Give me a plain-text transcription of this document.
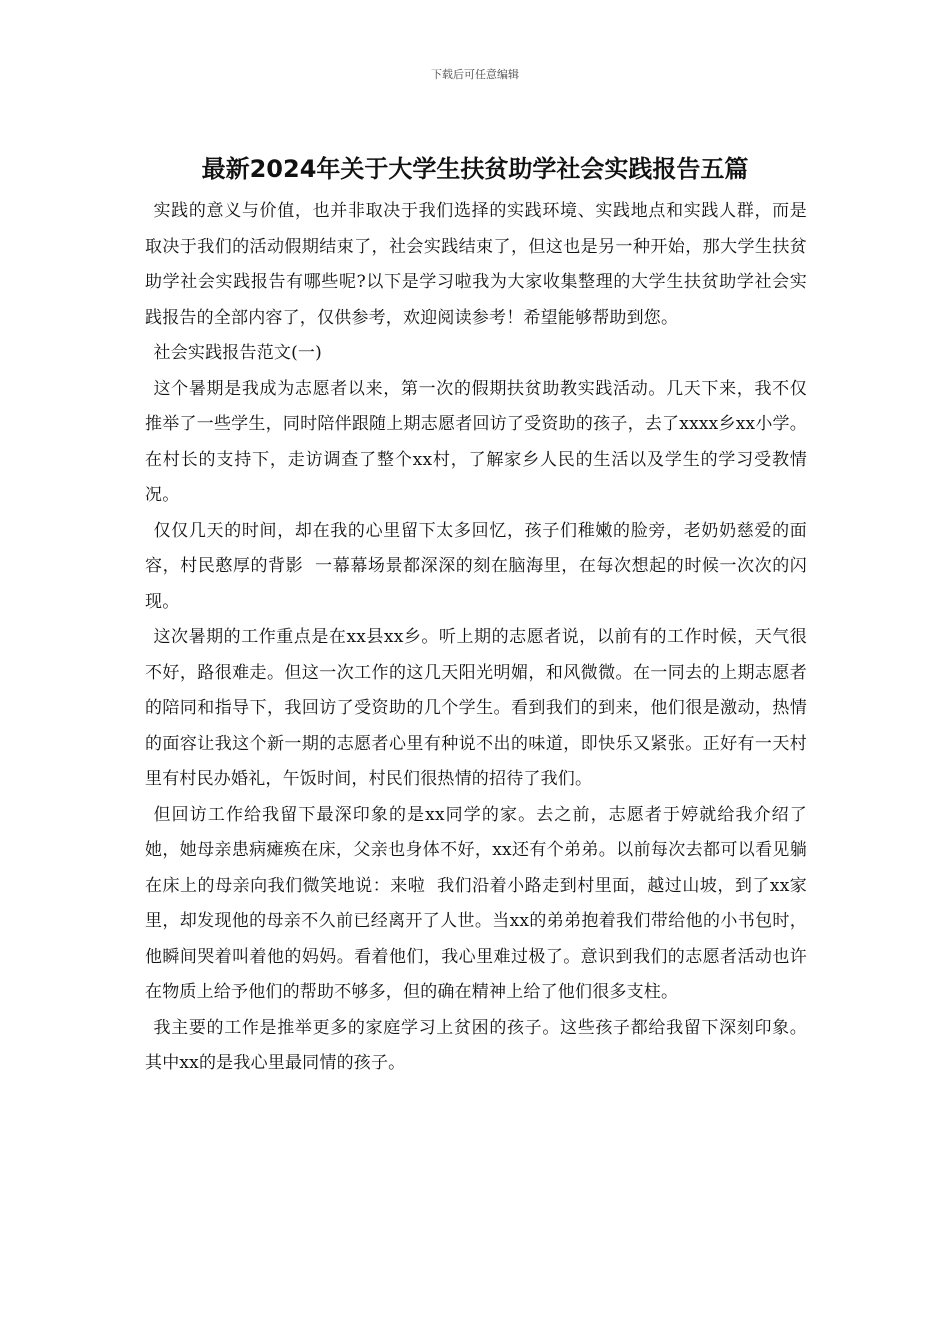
下载后可任意编辑
最新2024年关于大学生扶贫助学社会实践报告五篇

实践的意义与价值，也并非取决于我们选择的实践环境、实践地点和实践人群，而是取决于我们的活动假期结束了，社会实践结束了，但这也是另一种开始，那大学生扶贫助学社会实践报告有哪些呢?以下是学习啦我为大家收集整理的大学生扶贫助学社会实践报告的全部内容了，仅供参考，欢迎阅读参考！希望能够帮助到您。

社会实践报告范文(一)

这个暑期是我成为志愿者以来，第一次的假期扶贫助教实践活动。几天下来，我不仅推举了一些学生，同时陪伴跟随上期志愿者回访了受资助的孩子，去了xxxx乡xx小学。在村长的支持下，走访调查了整个xx村，了解家乡人民的生活以及学生的学习受教情况。

仅仅几天的时间，却在我的心里留下太多回忆，孩子们稚嫩的脸旁，老奶奶慈爱的面容，村民憨厚的背影  一幕幕场景都深深的刻在脑海里，在每次想起的时候一次次的闪现。

这次暑期的工作重点是在xx县xx乡。听上期的志愿者说，以前有的工作时候，天气很不好，路很难走。但这一次工作的这几天阳光明媚，和风微微。在一同去的上期志愿者的陪同和指导下，我回访了受资助的几个学生。看到我们的到来，他们很是激动，热情的面容让我这个新一期的志愿者心里有种说不出的味道，即快乐又紧张。正好有一天村里有村民办婚礼，午饭时间，村民们很热情的招待了我们。

但回访工作给我留下最深印象的是xx同学的家。去之前，志愿者于婷就给我介绍了她，她母亲患病瘫痪在床，父亲也身体不好，xx还有个弟弟。以前每次去都可以看见躺在床上的母亲向我们微笑地说：来啦  我们沿着小路走到村里面，越过山坡，到了xx家里，却发现他的母亲不久前已经离开了人世。当xx的弟弟抱着我们带给他的小书包时，他瞬间哭着叫着他的妈妈。看着他们，我心里难过极了。意识到我们的志愿者活动也许在物质上给予他们的帮助不够多，但的确在精神上给了他们很多支柱。

我主要的工作是推举更多的家庭学习上贫困的孩子。这些孩子都给我留下深刻印象。其中xx的是我心里最同情的孩子。
